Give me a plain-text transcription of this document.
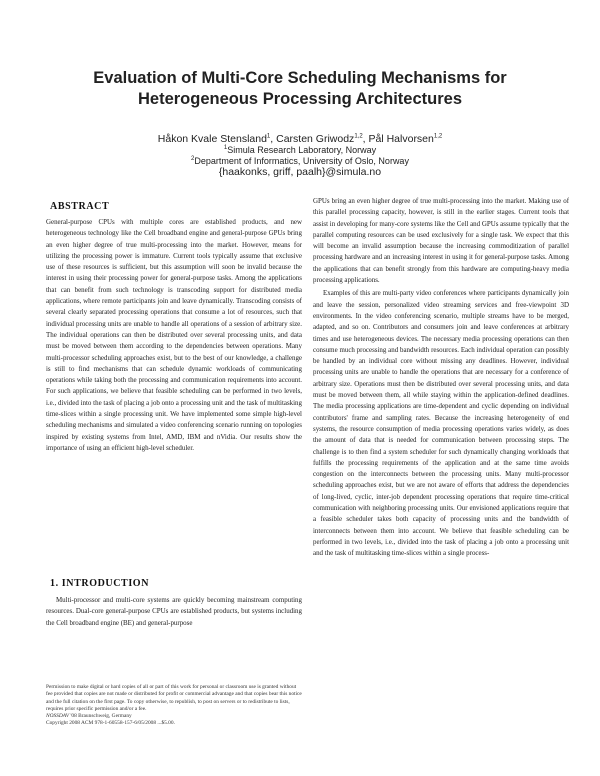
Evaluation of Multi-Core Scheduling Mechanisms for
Heterogeneous Processing Architectures
Håkon Kvale Stensland$^1$, Carsten Griwodz$^{1,2}$, Pål Halvorsen$^{1,2}$
$^1$Simula Research Laboratory, Norway
$^2$Department of Informatics, University of Oslo, Norway
{haakonks, griff, paalh}@simula.no
ABSTRACT

General-purpose CPUs with multiple cores are established products, and new heterogeneous technology like the Cell broadband engine and general-purpose GPUs bring an even higher degree of true multi-processing into the market. However, means for utilizing the processing power is immature. Current tools typically assume that exclusive use of these resources is sufficient, but this assumption will soon be invalid because the interest in using their processing power for general-purpose tasks. Among the applications that can benefit from such technology is transcoding support for distributed media applications, where remote participants join and leave dynamically. Transcoding consists of several clearly separated processing operations that consume a lot of resources, such that individual processing units are unable to handle all operations of a session of arbitrary size. The individual operations can then be distributed over several processing units, and data must be moved between them according to the dependencies between operations. Many multi-processor scheduling approaches exist, but to the best of our knowledge, a challenge is still to find mechanisms that can schedule dynamic workloads of communicating operations while taking both the processing and communication requirements into account. For such applications, we believe that feasible scheduling can be performed in two levels, i.e., divided into the task of placing a job onto a processing unit and the task of multitasking time-slices within a single processing unit. We have implemented some simple high-level scheduling mechanisms and simulated a video conferencing scenario running on topologies inspired by existing systems from Intel, AMD, IBM and nVidia. Our results show the importance of using an efficient high-level scheduler.

1. INTRODUCTION

Multi-processor and multi-core systems are quickly becoming mainstream computing resources. Dual-core general-purpose CPUs are established products, but systems including the Cell broadband engine (BE) and general-purpose

Permission to make digital or hard copies of all or part of this work for personal or classroom use is granted without fee provided that copies are not made or distributed for profit or commercial advantage and that copies bear this notice and the full citation on the first page. To copy otherwise, to republish, to post on servers or to redistribute to lists, requires prior specific permission and/or a fee.
NOSSDAV '08 Braunschweig, Germany
Copyright 2008 ACM 978-1-60558-157-6/05/2008 ...$5.00.

GPUs bring an even higher degree of true multi-processing into the market. Making use of this parallel processing capacity, however, is still in the earlier stages. Current tools that assist in developing for many-core systems like the Cell and GPUs assume typically that the parallel computing resources can be used exclusively for a single task. We expect that this will become an invalid assumption because the increasing commoditization of parallel processing hardware and an increasing interest in using it for general-purpose tasks. Among the applications that can benefit strongly from this hardware are computing-heavy media processing applications.

Examples of this are multi-party video conferences where participants dynamically join and leave the session, personalized video streaming services and free-viewpoint 3D environments. In the video conferencing scenario, multiple streams have to be merged, adapted, and so on. Contributors and consumers join and leave conferences at arbitrary times and use heterogeneous devices. The necessary media processing operations can then consume much processing and bandwidth resources. Each individual operation can possibly be handled by an individual core without missing any deadlines. However, individual processing units are unable to handle the operations that are necessary for a conference of arbitrary size. Operations must then be distributed over several processing units, and data must be moved between them, all while staying within the application-defined deadlines. The media processing applications are time-dependent and cyclic depending on individual contributors' frame and sampling rates. Because the increasing heterogeneity of end systems, the resource consumption of media processing operations varies widely, as does the amount of data that is needed for communication between processing steps. The challenge is to then find a system scheduler for such dynamically changing workloads that fulfills the processing requirements of the application and at the same time avoids congestion on the interconnects between the processing units. Many multi-processor scheduling approaches exist, but we are not aware of efforts that address the dependencies of long-lived, cyclic, inter-job dependent processing operations that require time-critical communication with neighboring processing units. Our envisioned applications require that a feasible scheduler takes both capacity of processing units and the bandwidth of interconnects between them into account. We believe that feasible scheduling can be performed in two levels, i.e., divided into the task of placing a job onto a processing unit and the task of multitasking time-slices within a single process-
